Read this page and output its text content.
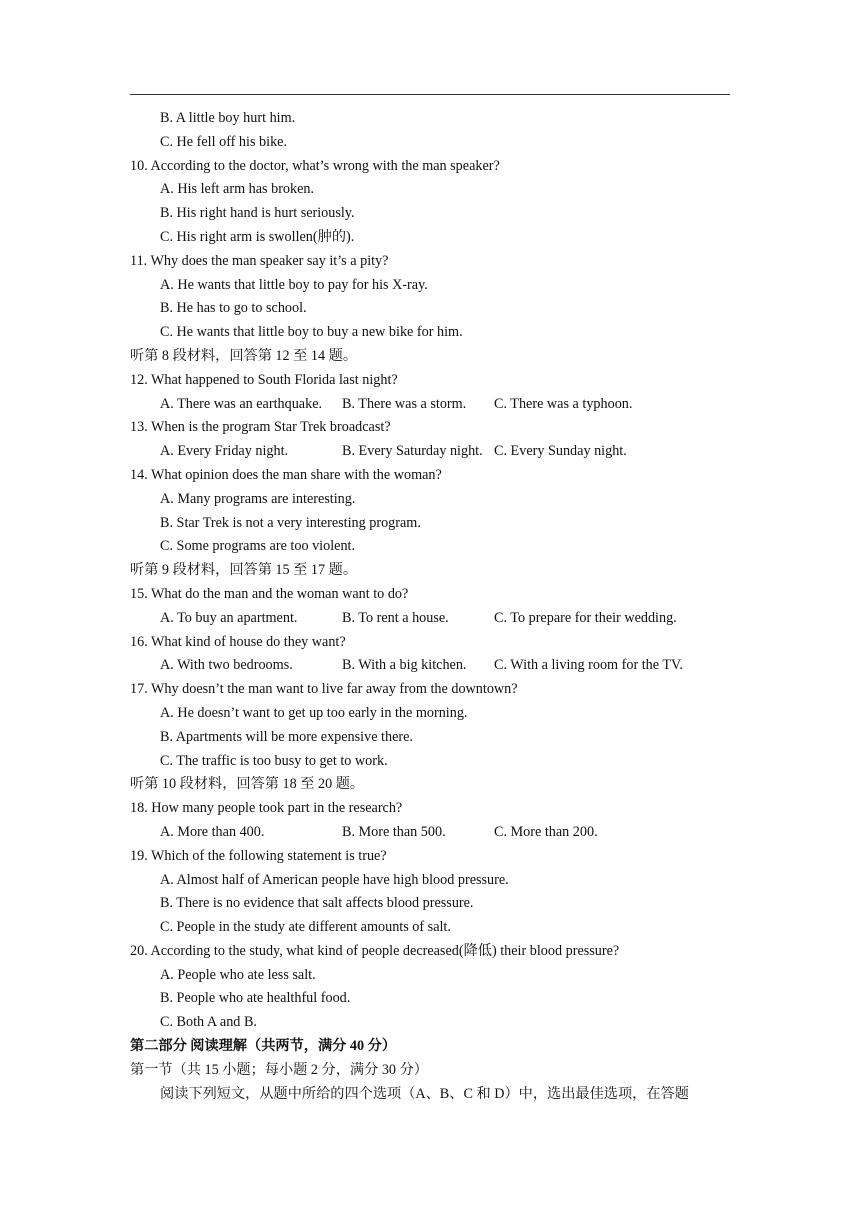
B. A little boy hurt him.
C. He fell off his bike.
10. According to the doctor, what’s wrong with the man speaker?
A. His left arm has broken.
B. His right hand is hurt seriously.
C. His right arm is swollen(肿的).
11. Why does the man speaker say it’s a pity?
A. He wants that little boy to pay for his X-ray.
B. He has to go to school.
C. He wants that little boy to buy a new bike for him.
听第 8 段材料，回答第 12 至 14 题。
12. What happened to South Florida last night?
A. There was an earthquake.	B. There was a storm.	C. There was a typhoon.
13. When is the program Star Trek broadcast?
A. Every Friday night.	B. Every Saturday night. C. Every Sunday night.
14. What opinion does the man share with the woman?
A. Many programs are interesting.
B. Star Trek is not a very interesting program.
C. Some programs are too violent.
听第 9 段材料，回答第 15 至 17 题。
15. What do the man and the woman want to do?
A. To buy an apartment.	B. To rent a house.	C. To prepare for their wedding.
16. What kind of house do they want?
A. With two bedrooms.	B. With a big kitchen.	C. With a living room for the TV.
17. Why doesn’t the man want to live far away from the downtown?
A. He doesn’t want to get up too early in the morning.
B. Apartments will be more expensive there.
C. The traffic is too busy to get to work.
听第 10 段材料，回答第 18 至 20 题。
18. How many people took part in the research?
A. More than 400.	B. More than 500.	C. More than 200.
19. Which of the following statement is true?
A. Almost half of American people have high blood pressure.
B. There is no evidence that salt affects blood pressure.
C. People in the study ate different amounts of salt.
20. According to the study, what kind of people decreased(降低) their blood pressure?
A. People who ate less salt.
B. People who ate healthful food.
C. Both A and B.
第二部分 阅读理解（共两节，满分 40 分）
第一节（共 15 小题；每小题 2 分，满分 30 分）
阅读下列短文，从题中所给的四个选项（A、B、C 和 D）中，选出最佳选项，在答题
